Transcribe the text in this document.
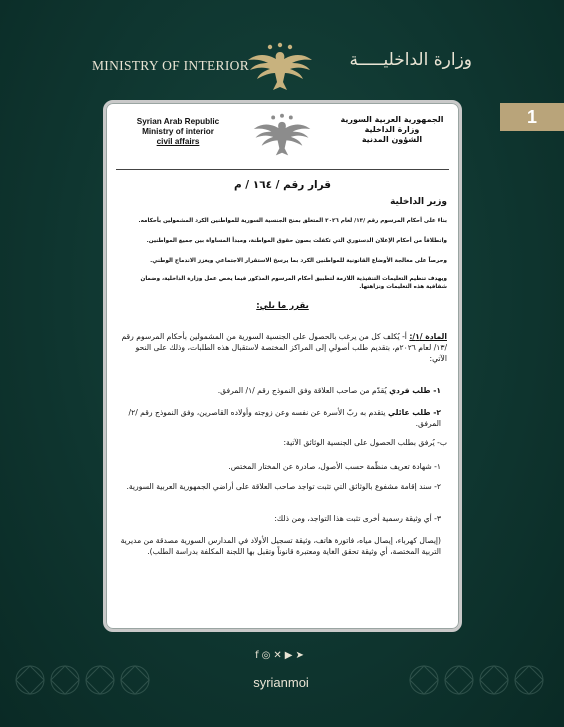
MINISTRY OF INTERIOR	وزارة الداخليـــــة
1
Syrian Arab Republic
Ministry of interior
civil affairs
الجمهورية العربية السورية
وزارة الداخلية
الشؤون المدنية
قرار رقم / ١٦٤ / م
وزير الداخلية
بناءً على أحكام المرسوم رقم /١٣/ لعام ٢٠٢٦ المتعلق بمنح الجنسية السورية للمواطنين الكرد المشمولين بأحكامه.
وانطلاقاً من أحكام الإعلان الدستوري التي تكفلت بصون حقوق المواطنة، ومبدأ المساواة بين جميع المواطنين.
وحرصاً على معالجة الأوضاع القانونية للمواطنين الكرد بما يرسخ الاستقرار الاجتماعي ويعزز الاندماج الوطني.
ويهدف تنظيم التعليمات التنفيذية اللازمة لتطبيق أحكام المرسوم المذكور فيما يخص عمل وزارة الداخلية، وضمان شفافية هذه التعليمات ونزاهتها.
يقرر ما يلي:
المادة /١/: أ- يُكلف كل من يرغب بالحصول على الجنسية السورية من المشمولين بأحكام المرسوم رقم /١٣/ لعام ٢٠٢٦م، بتقديم طلب أصولي إلى المراكز المختصة لاستقبال هذه الطلبات، وذلك على النحو الآتي:
١- طلب فردي يُقدّم من صاحب العلاقة وفق النموذج رقم /١/ المرفق.
٢- طلب عائلي يتقدم به ربّ الأسرة عن نفسه وعن زوجته وأولاده القاصرين، وفق النموذج رقم /٢/ المرفق.
ب- يُرفق بطلب الحصول على الجنسية الوثائق الآتية:
١- شهادة تعريف منظّمة حسب الأصول، صادرة عن المختار المختص.
٢- سند إقامة مشفوع بالوثائق التي تثبت تواجد صاحب العلاقة على أراضي الجمهورية العربية السورية.
٣- أي وثيقة رسمية أخرى تثبت هذا التواجد، ومن ذلك:
(إيصال كهرباء، إيصال مياه، فاتورة هاتف، وثيقة تسجيل الأولاد في المدارس السورية مصدقة من مديرية التربية المختصة، أي وثيقة تحقق الغاية ومعتبرة قانوناً وتقبل بها اللجنة المكلفة بدراسة الطلب).
f◎✕▶➤
syrianmoi
